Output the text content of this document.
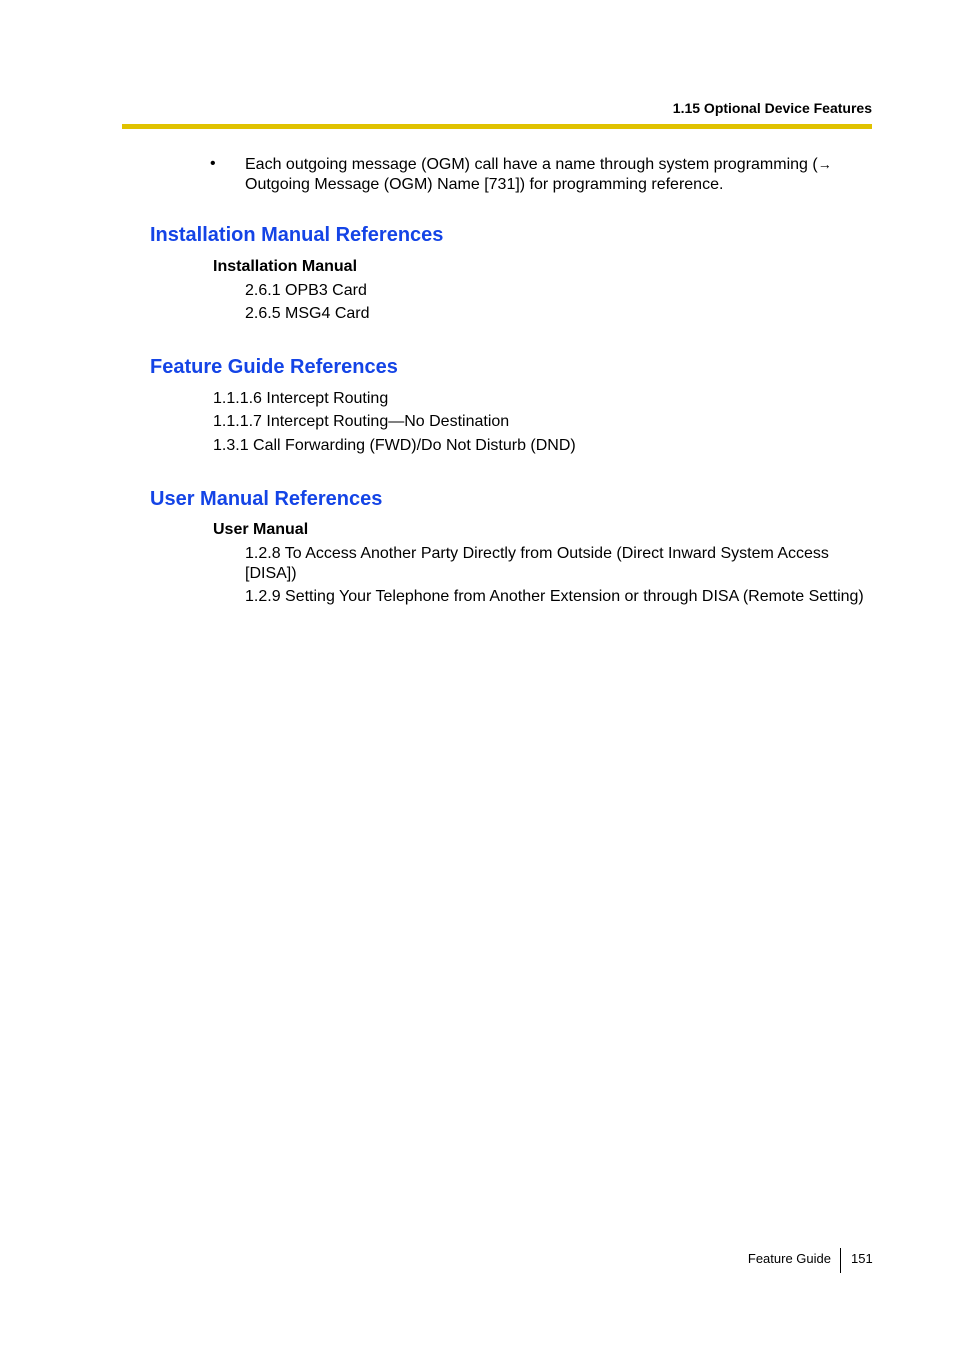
1.15 Optional Device Features
• Each outgoing message (OGM) call have a name through system programming (→
Outgoing Message (OGM) Name [731]) for programming reference.
Installation Manual References
Installation Manual
2.6.1 OPB3 Card
2.6.5 MSG4 Card
Feature Guide References
1.1.1.6 Intercept Routing
1.1.1.7 Intercept Routing—No Destination
1.3.1 Call Forwarding (FWD)/Do Not Disturb (DND)
User Manual References
User Manual
1.2.8 To Access Another Party Directly from Outside (Direct Inward System Access
[DISA])
1.2.9 Setting Your Telephone from Another Extension or through DISA (Remote Setting)
Feature Guide 151
